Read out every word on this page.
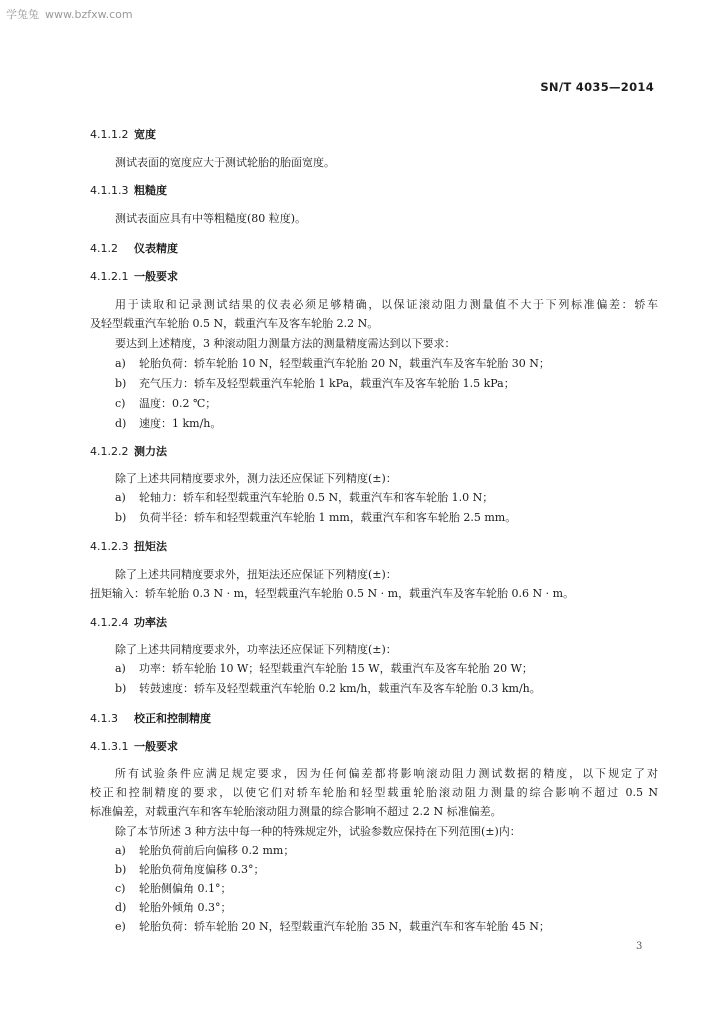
学兔兔 www.bzfxw.com
SN/T 4035—2014
4.1.1.2 宽度
测试表面的宽度应大于测试轮胎的胎面宽度。
4.1.1.3 粗糙度
测试表面应具有中等粗糙度(80 粒度)。
4.1.2 仪表精度
4.1.2.1 一般要求
用于读取和记录测试结果的仪表必须足够精确，以保证滚动阻力测量值不大于下列标准偏差：轿车
及轻型载重汽车轮胎 0.5 N，载重汽车及客车轮胎 2.2 N。
要达到上述精度，3 种滚动阻力测量方法的测量精度需达到以下要求：
a) 轮胎负荷：轿车轮胎 10 N，轻型载重汽车轮胎 20 N，载重汽车及客车轮胎 30 N；
b) 充气压力：轿车及轻型载重汽车轮胎 1 kPa，载重汽车及客车轮胎 1.5 kPa；
c) 温度：0.2 ℃；
d) 速度：1 km/h。
4.1.2.2 测力法
除了上述共同精度要求外，测力法还应保证下列精度(±)：
a) 轮轴力：轿车和轻型载重汽车轮胎 0.5 N，载重汽车和客车轮胎 1.0 N；
b) 负荷半径：轿车和轻型载重汽车轮胎 1 mm，载重汽车和客车轮胎 2.5 mm。
4.1.2.3 扭矩法
除了上述共同精度要求外，扭矩法还应保证下列精度(±)：
扭矩输入：轿车轮胎 0.3 N · m，轻型载重汽车轮胎 0.5 N · m，载重汽车及客车轮胎 0.6 N · m。
4.1.2.4 功率法
除了上述共同精度要求外，功率法还应保证下列精度(±)：
a) 功率：轿车轮胎 10 W；轻型载重汽车轮胎 15 W，载重汽车及客车轮胎 20 W；
b) 转鼓速度：轿车及轻型载重汽车轮胎 0.2 km/h，载重汽车及客车轮胎 0.3 km/h。
4.1.3 校正和控制精度
4.1.3.1 一般要求
所有试验条件应满足规定要求，因为任何偏差都将影响滚动阻力测试数据的精度，以下规定了对
校正和控制精度的要求，以使它们对轿车轮胎和轻型载重轮胎滚动阻力测量的综合影响不超过 0.5 N
标准偏差，对载重汽车和客车轮胎滚动阻力测量的综合影响不超过 2.2 N 标准偏差。
除了本节所述 3 种方法中每一种的特殊规定外，试验参数应保持在下列范围(±)内：
a) 轮胎负荷前后向偏移 0.2 mm；
b) 轮胎负荷角度偏移 0.3°；
c) 轮胎侧偏角 0.1°；
d) 轮胎外倾角 0.3°；
e) 轮胎负荷：轿车轮胎 20 N，轻型载重汽车轮胎 35 N，载重汽车和客车轮胎 45 N；
3
